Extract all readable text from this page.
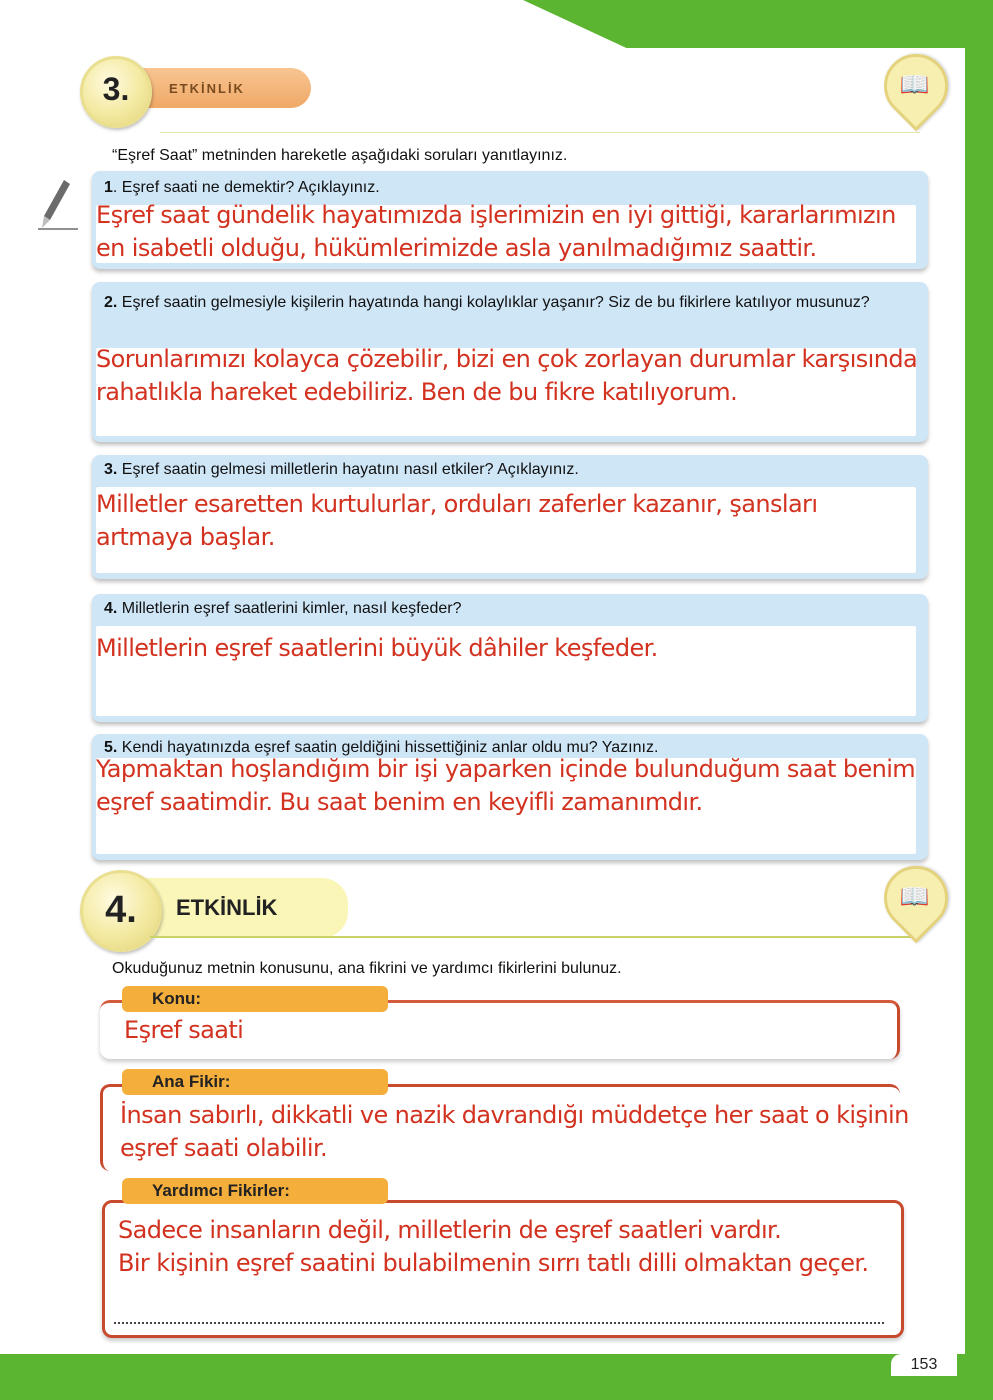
ETKİNLİK
3.	📖
“Eşref Saat” metninden hareketle aşağıdaki soruları yanıtlayınız.
1. Eşref saati ne demektir? Açıklayınız.
Eşref saat gündelik hayatımızda işlerimizin en iyi gittiği, kararlarımızın en isabetli olduğu, hükümlerimizde asla yanılmadığımız saattir.
2. Eşref saatin gelmesiyle kişilerin hayatında hangi kolaylıklar yaşanır? Siz de bu fikirlere katılıyor musunuz?
Sorunlarımızı kolayca çözebilir, bizi en çok zorlayan durumlar karşısında rahatlıkla hareket edebiliriz. Ben de bu fikre katılıyorum.
3. Eşref saatin gelmesi milletlerin hayatını nasıl etkiler? Açıklayınız.
Milletler esaretten kurtulurlar, orduları zaferler kazanır, şansları artmaya başlar.
4. Milletlerin eşref saatlerini kimler, nasıl keşfeder?
Milletlerin eşref saatlerini büyük dâhiler keşfeder.
5. Kendi hayatınızda eşref saatin geldiğini hissettiğiniz anlar oldu mu? Yazınız.
Yapmaktan hoşlandığım bir işi yaparken içinde bulunduğum saat benim eşref saatimdir. Bu saat benim en keyifli zamanımdır.
ETKİNLİK
4.	📖
Okuduğunuz metnin konusunu, ana fikrini ve yardımcı fikirlerini bulunuz.
Konu:
Eşref saati
Ana Fikir:
İnsan sabırlı, dikkatli ve nazik davrandığı müddetçe her saat o kişinin eşref saati olabilir.
Yardımcı Fikirler:
Sadece insanların değil, milletlerin de eşref saatleri vardır.
Bir kişinin eşref saatini bulabilmenin sırrı tatlı dilli olmaktan geçer.
153
